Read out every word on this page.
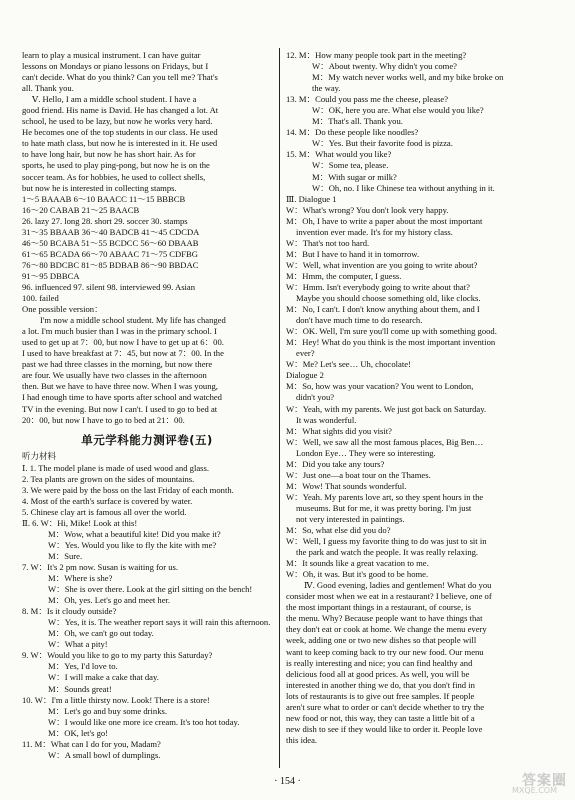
learn to play a musical instrument. I can have guitar
lessons on Mondays or piano lessons on Fridays, but I
can't decide. What do you think? Can you tell me? That's
all. Thank you.
Ⅴ. Hello, I am a middle school student. I have a
good friend. His name is David. He has changed a lot. At
school, he used to be lazy, but now he works very hard.
He becomes one of the top students in our class. He used
to hate math class, but now he is interested in it. He used
to have long hair, but now he has short hair. As for
sports, he used to play ping-pong, but now he is on the
soccer team. As for hobbies, he used to collect shells,
but now he is interested in collecting stamps.
1～5 BAAAB 6～10 BAACC 11～15 BBBCB
16～20 CABAB 21～25 BAACB
26. lazy 27. long 28. short 29. soccer 30. stamps
31～35 BBAAB 36～40 BADCB 41～45 CDCDA
46～50 BCABA 51～55 BCDCC 56～60 DBAAB
61～65 BCADA 66～70 ABAAC 71～75 CDFBG
76～80 BDCBC 81～85 BDBAB 86～90 BBDAC
91～95 DBBCA
96. influenced 97. silent 98. interviewed 99. Asian
100. failed
One possible version：
I'm now a middle school student. My life has changed
a lot. I'm much busier than I was in the primary school. I
used to get up at 7：00, but now I have to get up at 6：00.
I used to have breakfast at 7：45, but now at 7：00. In the
past we had three classes in the morning, but now there
are four. We usually have two classes in the afternoon
then. But we have to have three now. When I was young,
I had enough time to have sports after school and watched
TV in the evening. But now I can't. I used to go to bed at
20：00, but now I have to go to bed at 21：00.
单元学科能力测评卷(五)
听力材料
Ⅰ. 1. The model plane is made of used wood and glass.
2. Tea plants are grown on the sides of mountains.
3. We were paid by the boss on the last Friday of each month.
4. Most of the earth's surface is covered by water.
5. Chinese clay art is famous all over the world.
Ⅱ. 6. W：Hi, Mike! Look at this!
M：Wow, what a beautiful kite! Did you make it?
W：Yes. Would you like to fly the kite with me?
M：Sure.
7. W：It's 2 pm now. Susan is waiting for us.
M：Where is she?
W：She is over there. Look at the girl sitting on the bench!
M：Oh, yes. Let's go and meet her.
8. M：Is it cloudy outside?
W：Yes, it is. The weather report says it will rain this afternoon.
M：Oh, we can't go out today.
W：What a pity!
9. W：Would you like to go to my party this Saturday?
M：Yes, I'd love to.
W：I will make a cake that day.
M：Sounds great!
10. W：I'm a little thirsty now. Look! There is a store!
M：Let's go and buy some drinks.
W：I would like one more ice cream. It's too hot today.
M：OK, let's go!
11. M：What can I do for you, Madam?
W：A small bowl of dumplings.
12. M：How many people took part in the meeting?
W：About twenty. Why didn't you come?
M：My watch never works well, and my bike broke on
the way.
13. M：Could you pass me the cheese, please?
W：OK, here you are. What else would you like?
M：That's all. Thank you.
14. M：Do these people like noodles?
W：Yes. But their favorite food is pizza.
15. M：What would you like?
W：Some tea, please.
M：With sugar or milk?
W：Oh, no. I like Chinese tea without anything in it.
Ⅲ. Dialogue 1
W：What's wrong? You don't look very happy.
M：Oh, I have to write a paper about the most important
invention ever made. It's for my history class.
W：That's not too hard.
M：But I have to hand it in tomorrow.
W：Well, what invention are you going to write about?
M：Hmm, the computer, I guess.
W：Hmm. Isn't everybody going to write about that?
Maybe you should choose something old, like clocks.
M：No, I can't. I don't know anything about them, and I
don't have much time to do research.
W：OK. Well, I'm sure you'll come up with something good.
M：Hey! What do you think is the most important invention
ever?
W：Me? Let's see… Uh, chocolate!
Dialogue 2
M：So, how was your vacation? You went to London,
didn't you?
W：Yeah, with my parents. We just got back on Saturday.
It was wonderful.
M：What sights did you visit?
W：Well, we saw all the most famous places, Big Ben…
London Eye… They were so interesting.
M：Did you take any tours?
W：Just one—a boat tour on the Thames.
M：Wow! That sounds wonderful.
W：Yeah. My parents love art, so they spent hours in the
museums. But for me, it was pretty boring. I'm just
not very interested in paintings.
M：So, what else did you do?
W：Well, I guess my favorite thing to do was just to sit in
the park and watch the people. It was really relaxing.
M：It sounds like a great vacation to me.
W：Oh, it was. But it's good to be home.
Ⅳ. Good evening, ladies and gentlemen! What do you
consider most when we eat in a restaurant? I believe, one of
the most important things in a restaurant, of course, is
the menu. Why? Because people want to have things that
they don't eat or cook at home. We change the menu every
week, adding one or two new dishes so that people will
want to keep coming back to try our new food. Our menu
is really interesting and nice; you can find healthy and
delicious food all at good prices. As well, you will be
interested in another thing we do, that you don't find in
lots of restaurants is to give out free samples. If people
aren't sure what to order or can't decide whether to try the
new food or not, this way, they can taste a little bit of a
new dish to see if they would like to order it. People love
this idea.
· 154 ·	答案圈
MXQE.COM
